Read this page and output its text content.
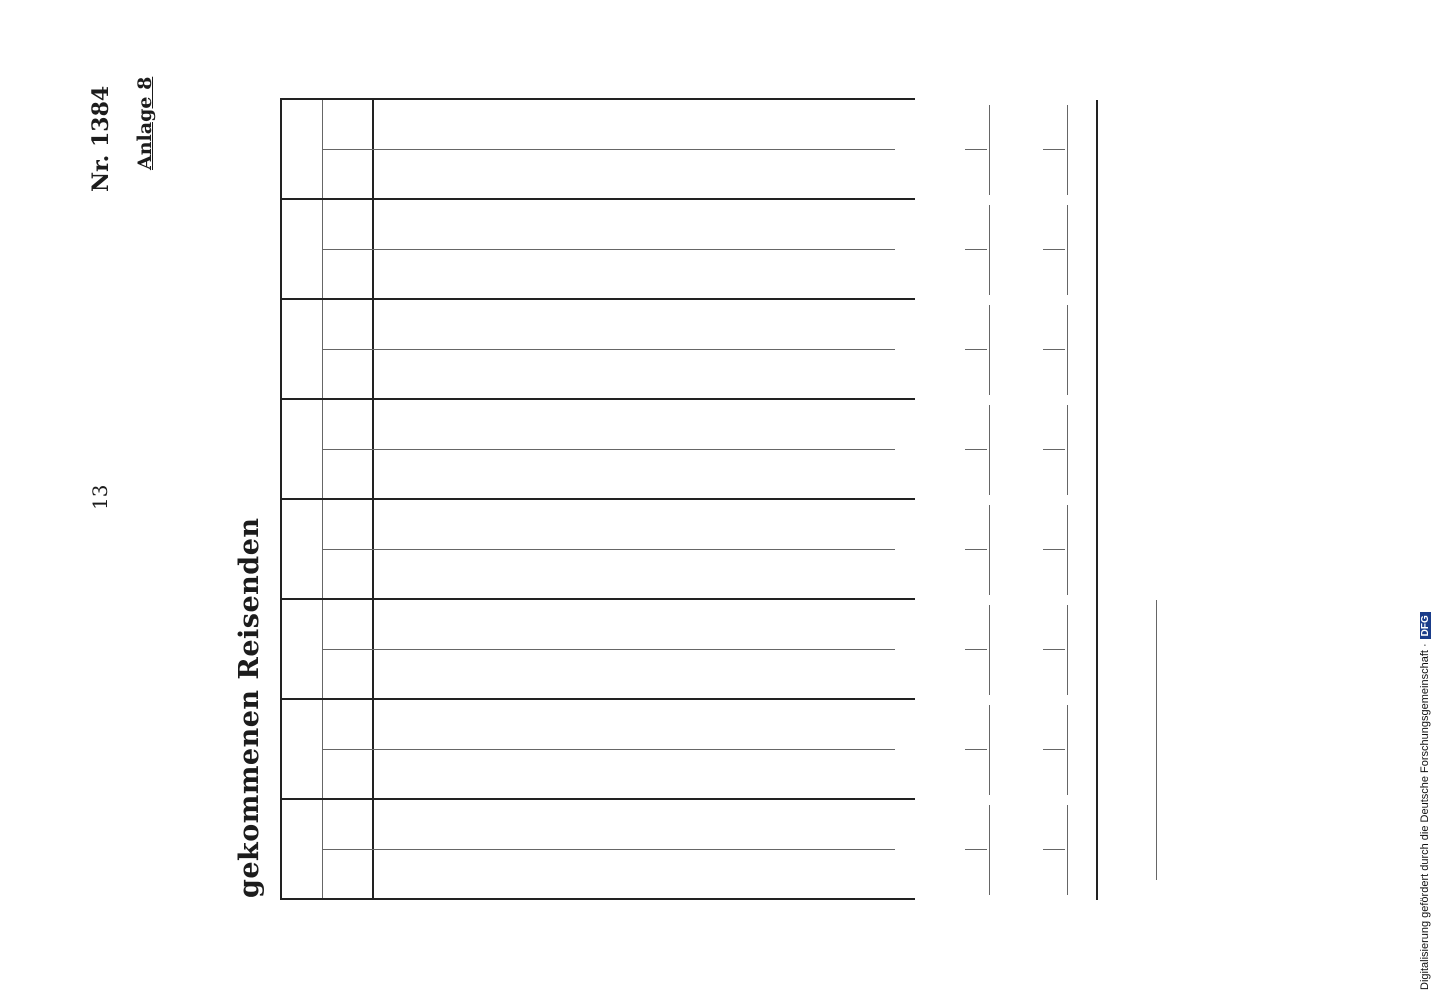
13
Nr. 1384 Anlage 8
gekommenen Reisenden	Digitalisierung gefördert durch die Deutsche Forschungsgemeinschaft ·DFG
